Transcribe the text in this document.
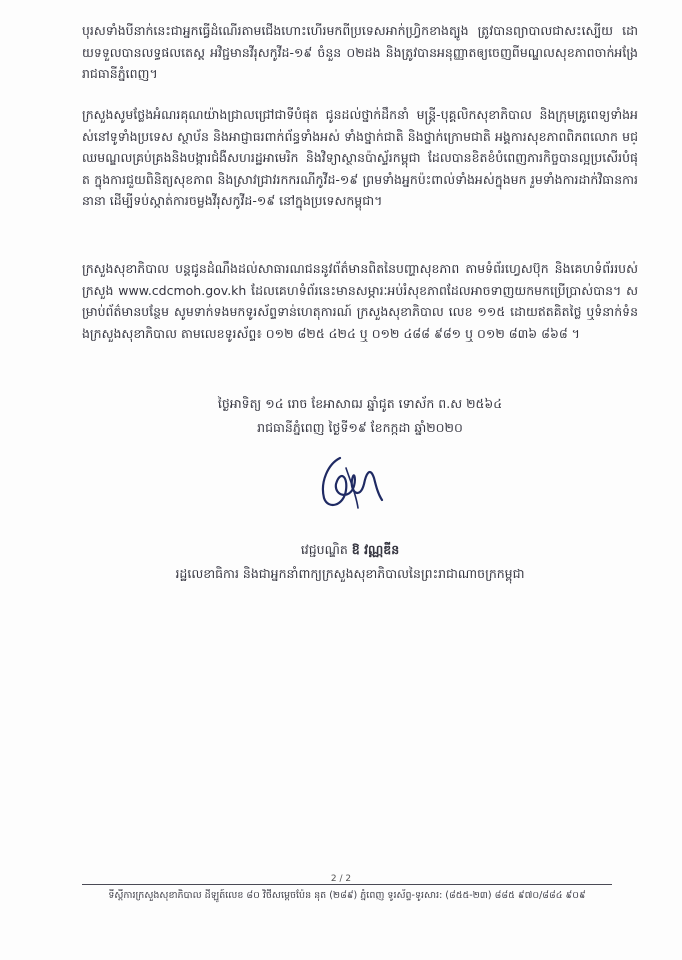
បុរសទាំងបីនាក់នេះជាអ្នកធ្វើដំណើរតាមជើងហោះហើរមកពីប្រទេសអាក់ហ្វ្រិកខាងត្បូង ត្រូវបានព្យាបាលជាសះស្បើយ ដោយទទួលបានលទ្ធផលតេស្ត អវិជ្ជមានវីរុសកូវីដ-១៩ ចំនួន ០២ដង និងត្រូវបានអនុញ្ញាតឲ្យចេញពីមណ្ឌលសុខភាពចាក់អង្រែ រាជធានីភ្នំពេញ។
ក្រសួងសូមថ្លែងអំណរគុណយ៉ាងជ្រាលជ្រៅជាទីបំផុត ជូនដល់ថ្នាក់ដឹកនាំ មន្ត្រី-បុគ្គលិកសុខាភិបាល និងក្រុមគ្រូពេទ្យទាំងអស់នៅទូទាំងប្រទេស ស្ថាប័ន និងអាជ្ញាធរពាក់ព័ន្ធទាំងអស់ ទាំងថ្នាក់ជាតិ និងថ្នាក់ក្រោមជាតិ អង្គការសុខភាពពិភពលោក មជ្ឈមណ្ឌលគ្រប់គ្រងនិងបង្ការជំងឺសហរដ្ឋអាមេរិក និងវិទ្យាស្ថានប៉ាស្ទ័រកម្ពុជា ដែលបានខិតខំបំពេញភារកិច្ចបានល្អប្រសើរបំផុត ក្នុងការជួយពិនិត្យសុខភាព និងស្រាវជ្រាវរកករណីកូវីដ-១៩ ព្រមទាំងអ្នកប៉ះពាល់ទាំងអស់ក្នុងមក រួមទាំងការដាក់វិធានការនានា ដើម្បីទប់ស្កាត់ការចម្លងវីរុសកូវីដ-១៩ នៅក្នុងប្រទេសកម្ពុជា។
ក្រសួងសុខាភិបាល បន្តជូនដំណឹងដល់សាធារណជននូវព័ត៌មានពិតនៃបញ្ហាសុខភាព តាមទំព័រហ្វេសប៊ុក និងគេហទំព័ររបស់ក្រសួង www.cdcmoh.gov.kh ដែលគេហទំព័រនេះមានសម្ភារៈអប់រំសុខភាពដែលអាចទាញយកមកប្រើប្រាស់បាន។ សម្រាប់ព័ត៌មានបន្ថែម សូមទាក់ទងមកទូរស័ព្ទទាន់ហេតុការណ៍ ក្រសួងសុខាភិបាល លេខ ១១៥ ដោយឥតគិតថ្លៃ ឬទំនាក់ទំនងក្រសួងសុខាភិបាល តាមលេខទូរស័ព្ទ៖ ០១២ ៨២៥ ៤២៤ ឬ ០១២ ៤៨៨ ៩៨១ ឬ ០១២ ៨៣៦ ៨៦៨ ។
ថ្ងៃអាទិត្យ ១៤ រោច ខែអាសាឍ ឆ្នាំជូត ទោស័ក ព.ស ២៥៦៤
រាជធានីភ្នំពេញ ថ្ងៃទី១៩ ខែកក្កដា ឆ្នាំ២០២០
វេជ្ជបណ្ឌិត ឱ វណ្ណឌីន
រដ្ឋលេខាធិការ និងជាអ្នកនាំពាក្យក្រសួងសុខាភិបាលនៃព្រះរាជាណាចក្រកម្ពុជា
2 / 2
ទីស្តីការក្រសួងសុខាភិបាល ដីឡូត៍លេខ ៨០ វិថីសម្តេចប៉ែន នុត (២៨៩) ភ្នំពេញ ទូរស័ព្ទ-ទូរសារ: (៨៥៥-២៣) ៨៨៥ ៩៧០/៨៨៤ ៩០៩
